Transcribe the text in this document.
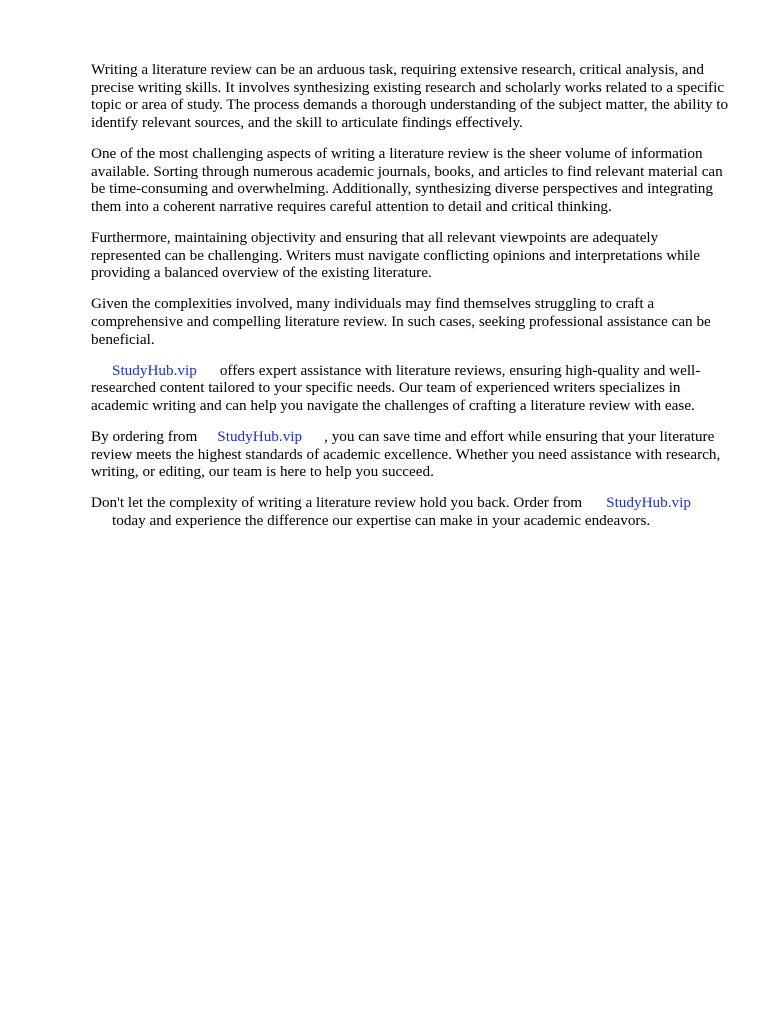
Writing a literature review can be an arduous task, requiring extensive research, critical analysis, and precise writing skills. It involves synthesizing existing research and scholarly works related to a specific topic or area of study. The process demands a thorough understanding of the subject matter, the ability to identify relevant sources, and the skill to articulate findings effectively.

One of the most challenging aspects of writing a literature review is the sheer volume of information available. Sorting through numerous academic journals, books, and articles to find relevant material can be time-consuming and overwhelming. Additionally, synthesizing diverse perspectives and integrating them into a coherent narrative requires careful attention to detail and critical thinking.

Furthermore, maintaining objectivity and ensuring that all relevant viewpoints are adequately represented can be challenging. Writers must navigate conflicting opinions and interpretations while providing a balanced overview of the existing literature.

Given the complexities involved, many individuals may find themselves struggling to craft a comprehensive and compelling literature review. In such cases, seeking professional assistance can be beneficial.

StudyHub.vip offers expert assistance with literature reviews, ensuring high-quality and well-researched content tailored to your specific needs. Our team of experienced writers specializes in academic writing and can help you navigate the challenges of crafting a literature review with ease.

By ordering from StudyHub.vip , you can save time and effort while ensuring that your literature review meets the highest standards of academic excellence. Whether you need assistance with research, writing, or editing, our team is here to help you succeed.

Don't let the complexity of writing a literature review hold you back. Order from StudyHub.vip
today and experience the difference our expertise can make in your academic endeavors.
